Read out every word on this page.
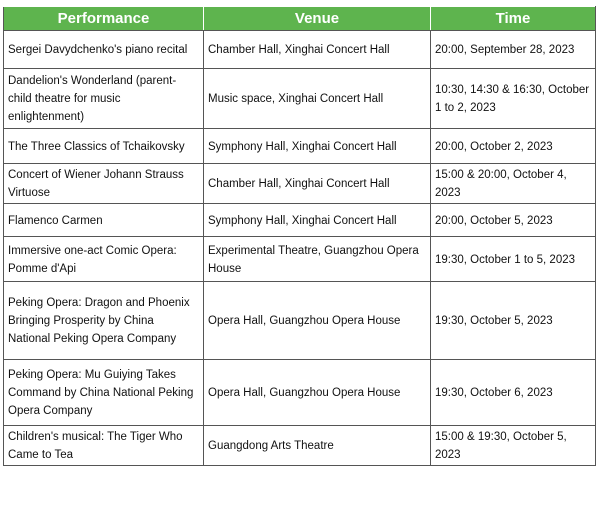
Performance	Venue	Time
Sergei Davydchenko's piano recital	Chamber Hall, Xinghai Concert Hall	20:00, September 28, 2023
Dandelion's Wonderland (parent-child theatre for music enlightenment)	Music space, Xinghai Concert Hall	10:30, 14:30 & 16:30, October 1 to 2, 2023
The Three Classics of Tchaikovsky	Symphony Hall, Xinghai Concert Hall	20:00, October 2, 2023
Concert of Wiener Johann Strauss Virtuose	Chamber Hall, Xinghai Concert Hall	15:00 & 20:00, October 4, 2023
Flamenco Carmen	Symphony Hall, Xinghai Concert Hall	20:00, October 5, 2023
Immersive one-act Comic Opera: Pomme d'Api	Experimental Theatre, Guangzhou Opera House	19:30, October 1 to 5, 2023
Peking Opera: Dragon and Phoenix Bringing Prosperity by China National Peking Opera Company	Opera Hall, Guangzhou Opera House	19:30, October 5, 2023
Peking Opera: Mu Guiying Takes Command by China National Peking Opera Company	Opera Hall, Guangzhou Opera House	19:30, October 6, 2023
Children's musical: The Tiger Who Came to Tea	Guangdong Arts Theatre	15:00 & 19:30, October 5, 2023
